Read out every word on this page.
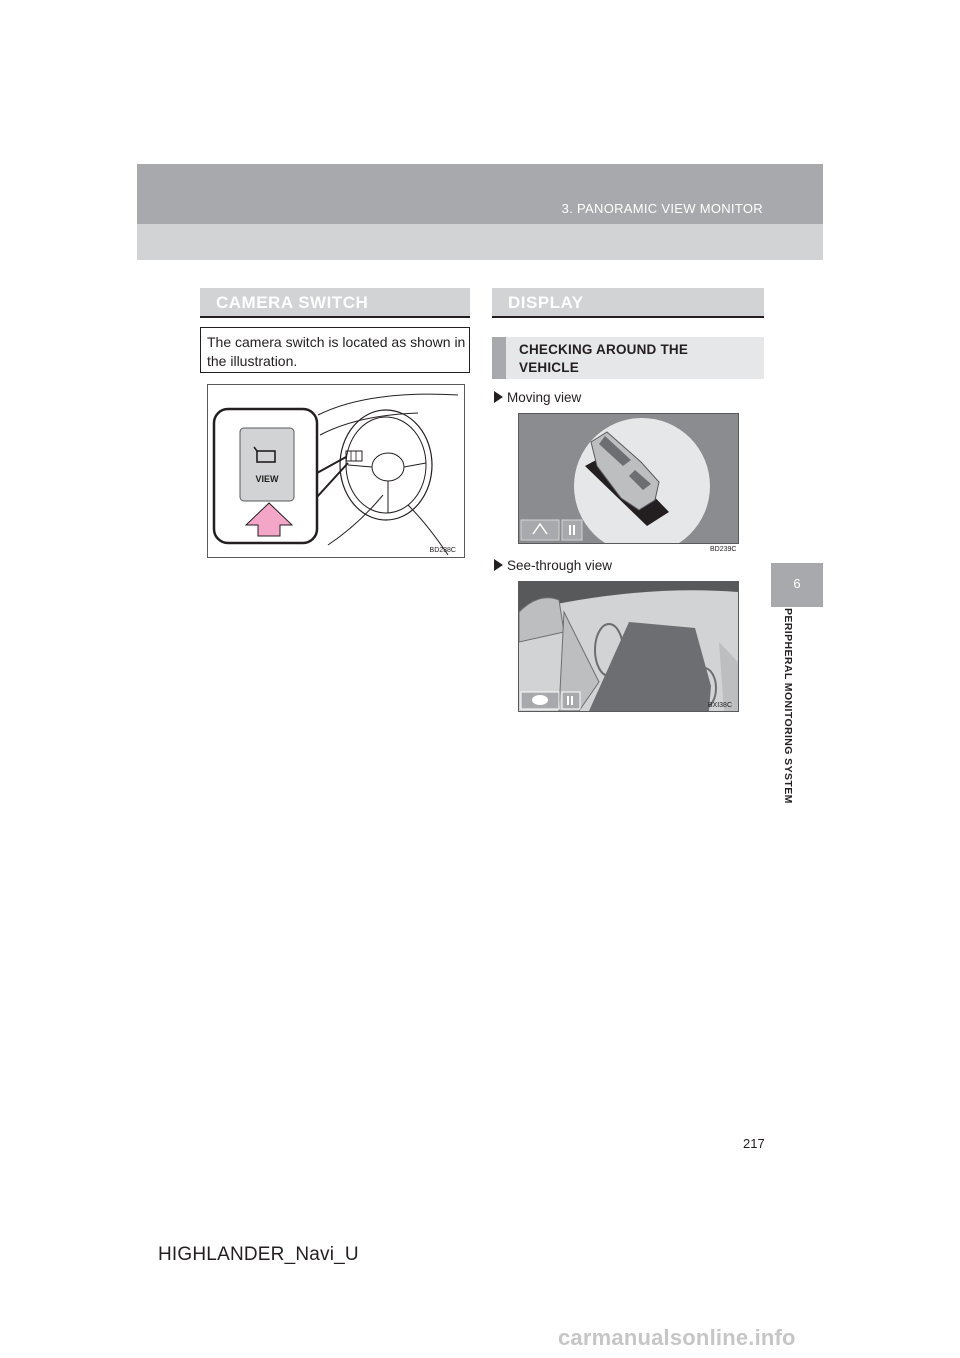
3. PANORAMIC VIEW MONITOR
CAMERA SWITCH
The camera switch is located as shown in the illustration.
VIEW
BD238C
DISPLAY
CHECKING AROUND THE VEHICLE
Moving view
BD239C
See-through view
BXI38C
6
PERIPHERAL MONITORING SYSTEM
217
HIGHLANDER_Navi_U
carmanualsonline.info
